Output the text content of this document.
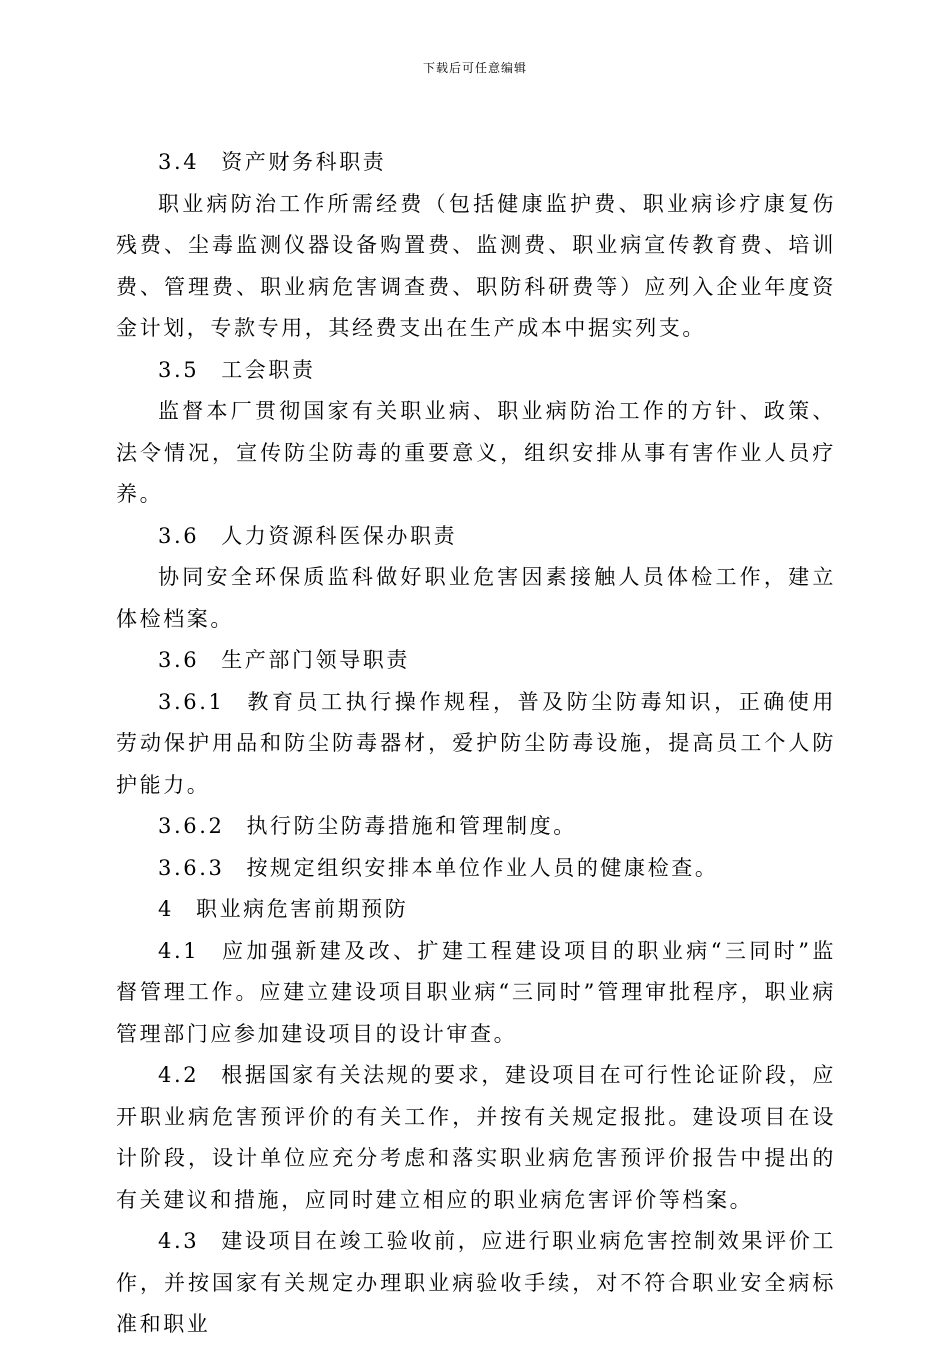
下载后可任意编辑

3.4 资产财务科职责

职业病防治工作所需经费（包括健康监护费、职业病诊疗康复伤残费、尘毒监测仪器设备购置费、监测费、职业病宣传教育费、培训费、管理费、职业病危害调查费、职防科研费等）应列入企业年度资金计划，专款专用，其经费支出在生产成本中据实列支。

3.5 工会职责

监督本厂贯彻国家有关职业病、职业病防治工作的方针、政策、法令情况，宣传防尘防毒的重要意义，组织安排从事有害作业人员疗养。

3.6 人力资源科医保办职责

协同安全环保质监科做好职业危害因素接触人员体检工作，建立体检档案。

3.6 生产部门领导职责

3.6.1 教育员工执行操作规程，普及防尘防毒知识，正确使用劳动保护用品和防尘防毒器材，爱护防尘防毒设施，提高员工个人防护能力。

3.6.2 执行防尘防毒措施和管理制度。

3.6.3 按规定组织安排本单位作业人员的健康检查。

4 职业病危害前期预防

4.1 应加强新建及改、扩建工程建设项目的职业病“三同时”监督管理工作。应建立建设项目职业病“三同时”管理审批程序，职业病管理部门应参加建设项目的设计审查。

4.2 根据国家有关法规的要求，建设项目在可行性论证阶段，应开职业病危害预评价的有关工作，并按有关规定报批。建设项目在设计阶段，设计单位应充分考虑和落实职业病危害预评价报告中提出的有关建议和措施，应同时建立相应的职业病危害评价等档案。

4.3 建设项目在竣工验收前，应进行职业病危害控制效果评价工作，并按国家有关规定办理职业病验收手续，对不符合职业安全病标准和职业
